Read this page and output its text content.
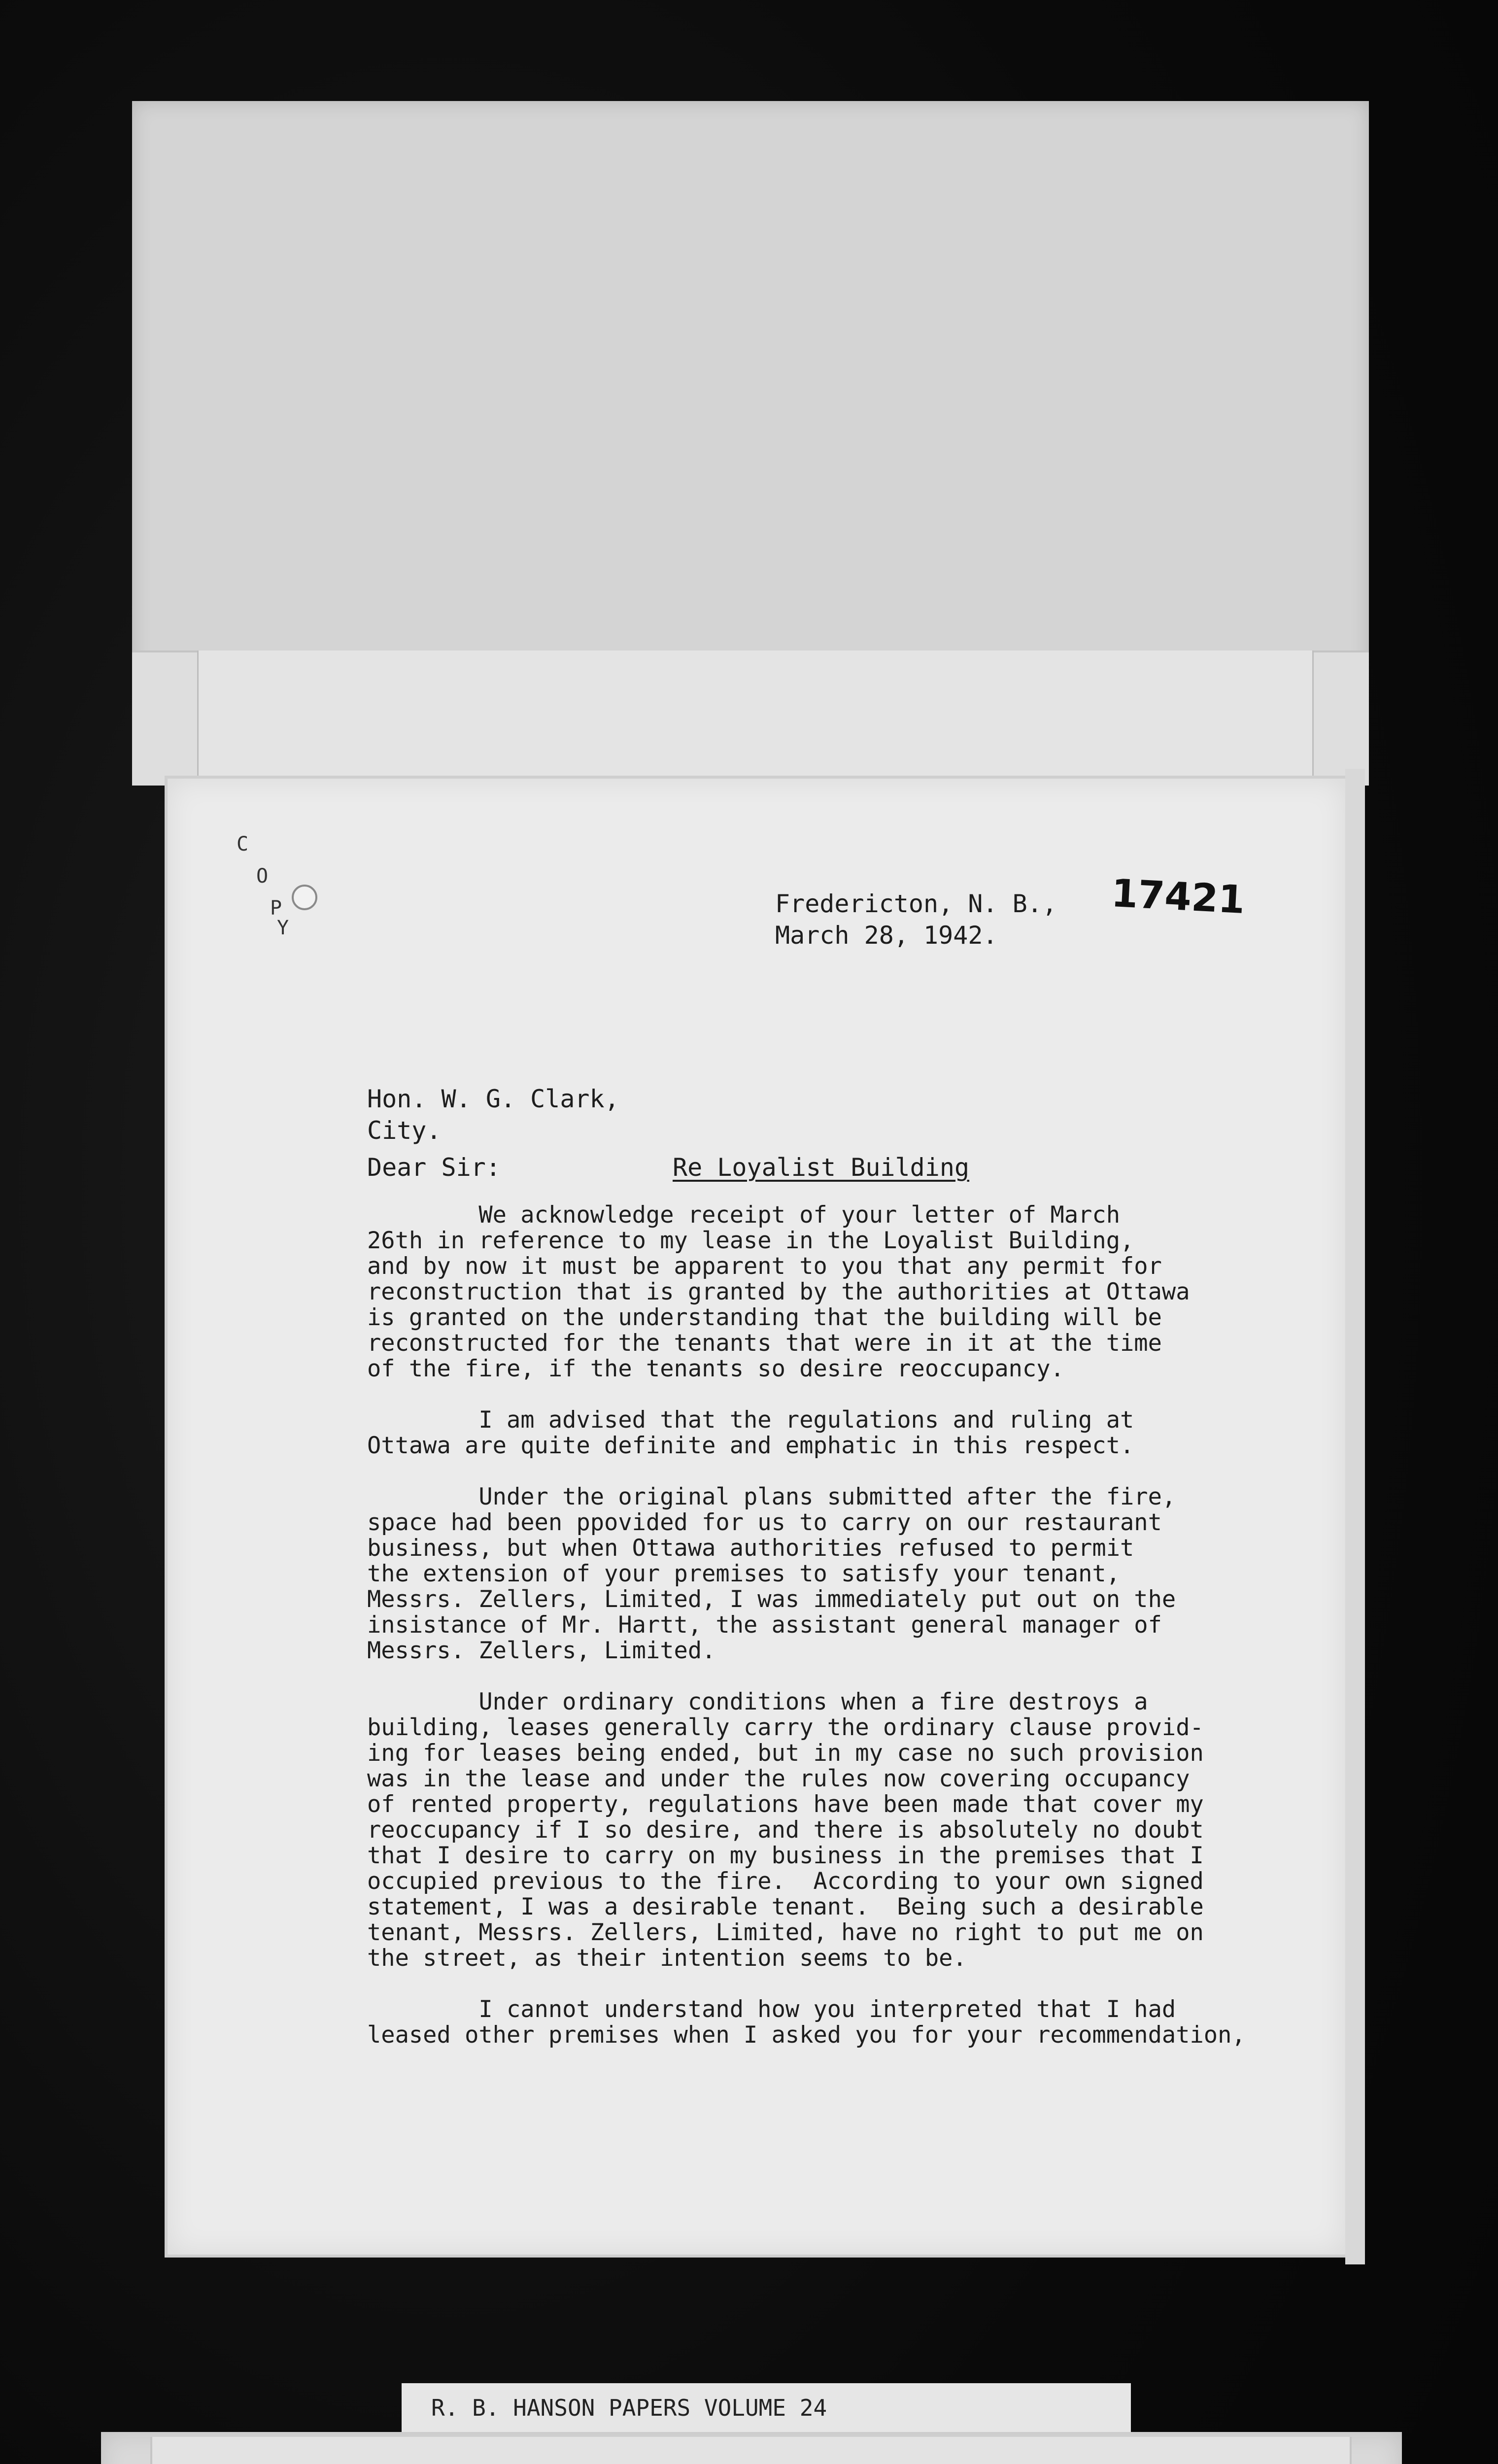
C
O
P
Y
17421
Fredericton, N. B.,
March 28, 1942.
Hon. W. G. Clark,
City.
Dear Sir:	Re Loyalist Building

We acknowledge receipt of your letter of March
26th in reference to my lease in the Loyalist Building,
and by now it must be apparent to you that any permit for
reconstruction that is granted by the authorities at Ottawa
is granted on the understanding that the building will be
reconstructed for the tenants that were in it at the time
of the fire, if the tenants so desire reoccupancy.

I am advised that the regulations and ruling at
Ottawa are quite definite and emphatic in this respect.

Under the original plans submitted after the fire,
space had been ppovided for us to carry on our restaurant
business, but when Ottawa authorities refused to permit
the extension of your premises to satisfy your tenant,
Messrs. Zellers, Limited, I was immediately put out on the
insistance of Mr. Hartt, the assistant general manager of
Messrs. Zellers, Limited.

Under ordinary conditions when a fire destroys a
building, leases generally carry the ordinary clause provid-
ing for leases being ended, but in my case no such provision
was in the lease and under the rules now covering occupancy
of rented property, regulations have been made that cover my
reoccupancy if I so desire, and there is absolutely no doubt
that I desire to carry on my business in the premises that I
occupied previous to the fire.  According to your own signed
statement, I was a desirable tenant.  Being such a desirable
tenant, Messrs. Zellers, Limited, have no right to put me on
the street, as their intention seems to be.

I cannot understand how you interpreted that I had
leased other premises when I asked you for your recommendation,

R. B. HANSON PAPERS VOLUME 24
